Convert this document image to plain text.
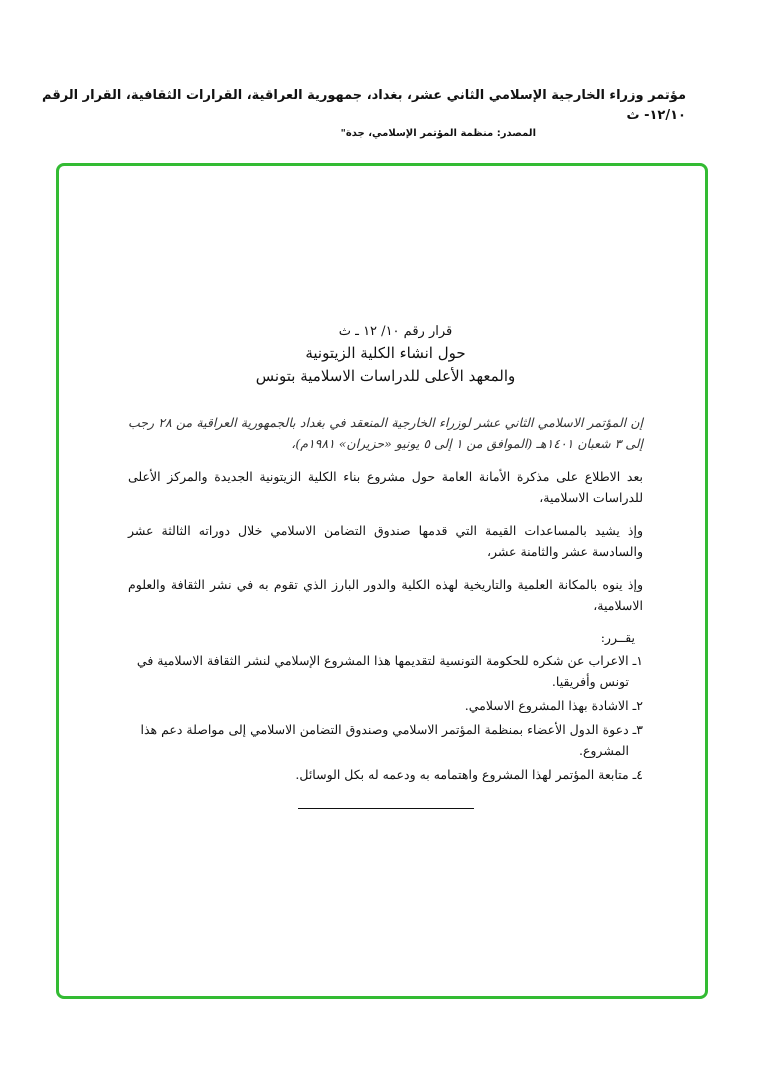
مؤتمر وزراء الخارجية الإسلامي الثاني عشر، بغداد، جمهورية العراقية، القرارات الثقافية، القرار الرقم ١٢/١٠- ث

المصدر: منظمة المؤتمر الإسلامي، جدة"

قرار رقم ١٠/ ١٢ ـ ث
حول انشاء الكلية الزيتونية
والمعهد الأعلى للدراسات الاسلامية بتونس

إن المؤتمر الاسلامي الثاني عشر لوزراء الخارجية المنعقد في بغداد بالجمهورية العراقية من ٢٨ رجب إلى ٣ شعبان ١٤٠١هـ (الموافق من ١ إلى ٥ يونيو «حزيران» ١٩٨١م)،

بعد الاطلاع على مذكرة الأمانة العامة حول مشروع بناء الكلية الزيتونية الجديدة والمركز الأعلى للدراسات الاسلامية،

وإذ يشيد بالمساعدات القيمة التي قدمها صندوق التضامن الاسلامي خلال دوراته الثالثة عشر والسادسة عشر والثامنة عشر،

وإذ ينوه بالمكانة العلمية والتاريخية لهذه الكلية والدور البارز الذي تقوم به في نشر الثقافة والعلوم الاسلامية،

يقــرر:

١ـ الاعراب عن شكره للحكومة التونسية لتقديمها هذا المشروع الإسلامي لنشر الثقافة الاسلامية في تونس وأفريقيا.

٢ـ الاشادة بهذا المشروع الاسلامي.

٣ـ دعوة الدول الأعضاء بمنظمة المؤتمر الاسلامي وصندوق التضامن الاسلامي إلى مواصلة دعم هذا المشروع.

٤ـ متابعة المؤتمر لهذا المشروع واهتمامه به ودعمه له بكل الوسائل.
